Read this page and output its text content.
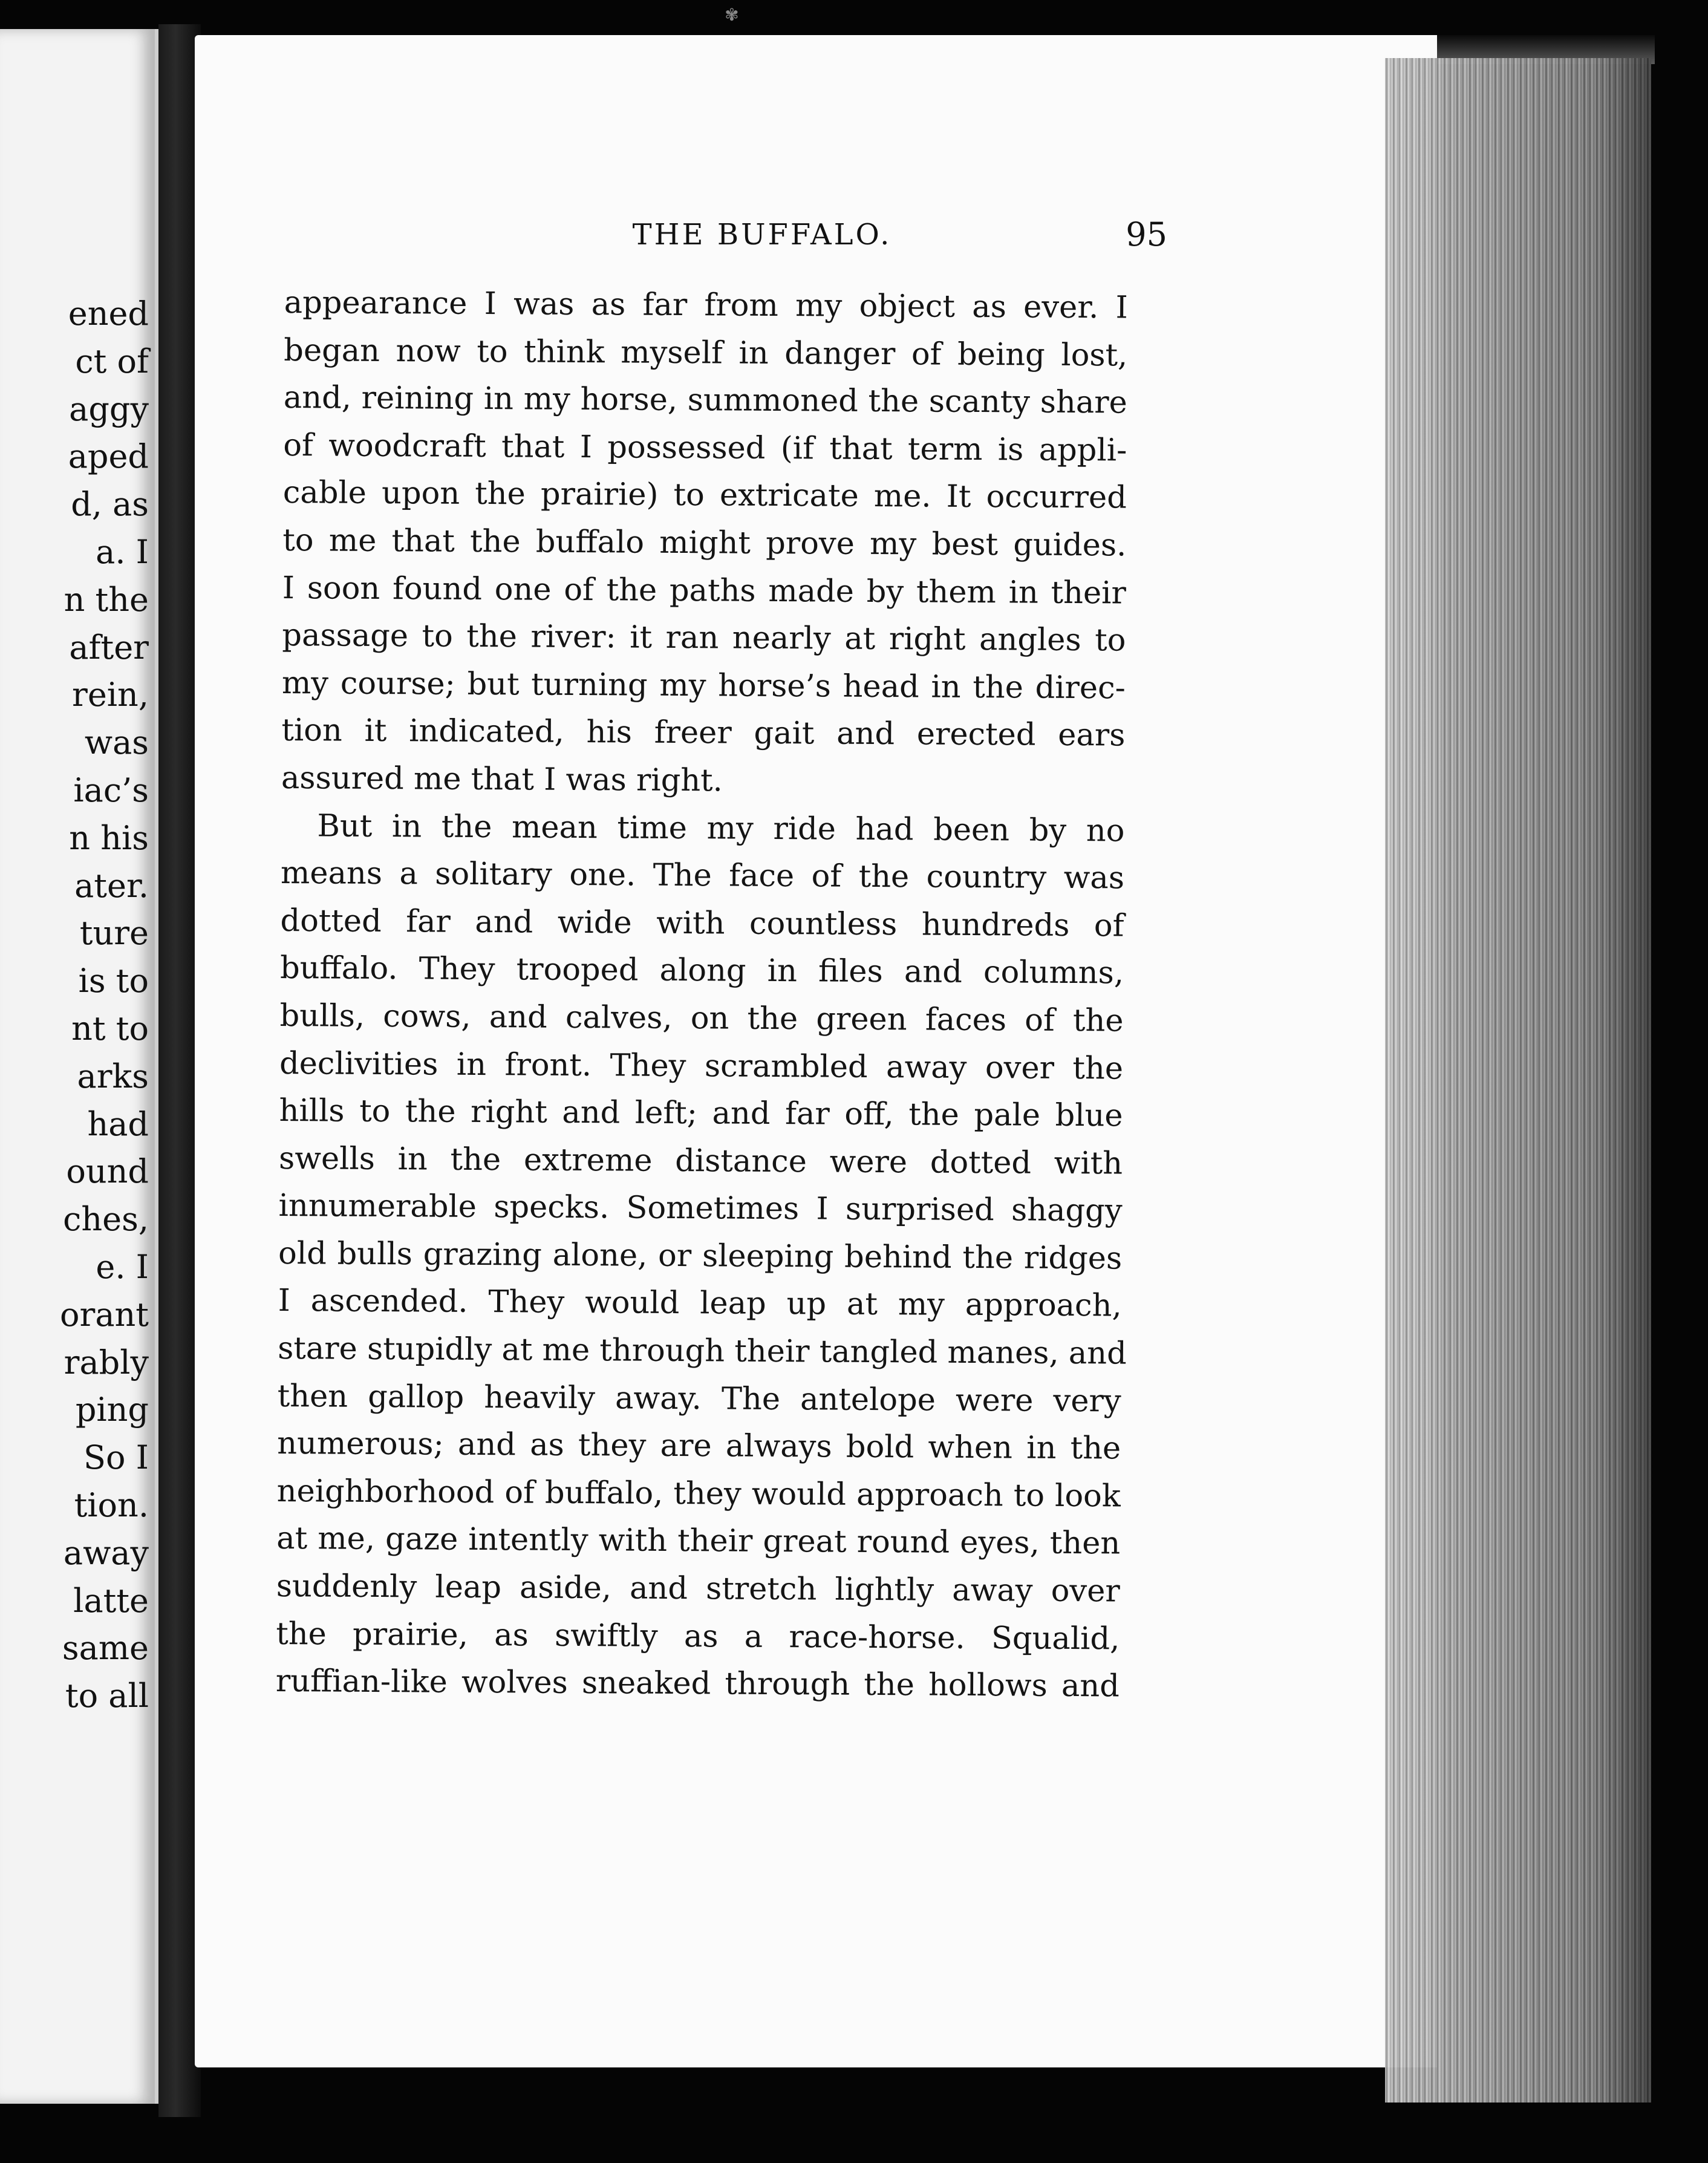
✾
ened
ct of
aggy
aped
d, as
a. I
n the
after
rein,
was
iac’s
n his
ater.
ture
is to
nt to
arks
had
ound
ches,
e. I
orant
rably
ping
So I
tion.
away
latte
same
to all
THE BUFFALO.	95
appearance I was as far from my object as ever. I
began now to think myself in danger of being lost,
and, reining in my horse, summoned the scanty share
of woodcraft that I possessed (if that term is appli-
cable upon the prairie) to extricate me. It occurred
to me that the buffalo might prove my best guides.
I soon found one of the paths made by them in their
passage to the river: it ran nearly at right angles to
my course; but turning my horse’s head in the direc-
tion it indicated, his freer gait and erected ears
assured me that I was right.
But in the mean time my ride had been by no
means a solitary one. The face of the country was
dotted far and wide with countless hundreds of
buffalo. They trooped along in files and columns,
bulls, cows, and calves, on the green faces of the
declivities in front. They scrambled away over the
hills to the right and left; and far off, the pale blue
swells in the extreme distance were dotted with
innumerable specks. Sometimes I surprised shaggy
old bulls grazing alone, or sleeping behind the ridges
I ascended. They would leap up at my approach,
stare stupidly at me through their tangled manes, and
then gallop heavily away. The antelope were very
numerous; and as they are always bold when in the
neighborhood of buffalo, they would approach to look
at me, gaze intently with their great round eyes, then
suddenly leap aside, and stretch lightly away over
the prairie, as swiftly as a race-horse. Squalid,
ruffian-like wolves sneaked through the hollows and
